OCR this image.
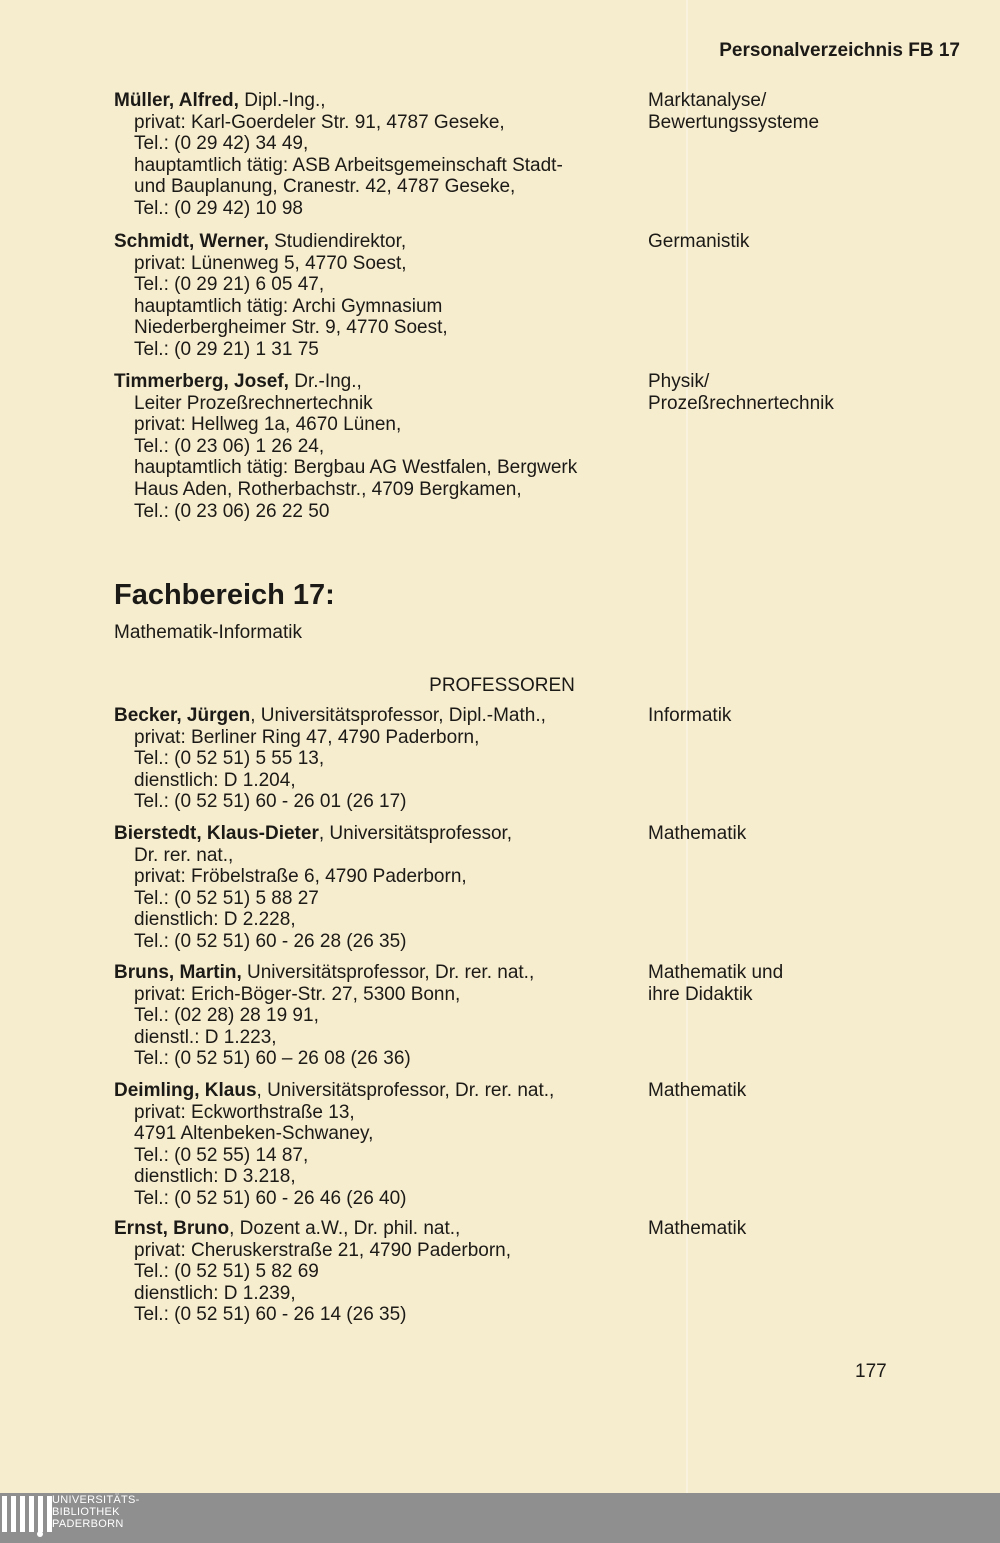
Personalverzeichnis FB 17
Müller, Alfred, Dipl.-Ing.,
privat: Karl-Goerdeler Str. 91, 4787 Geseke,
Tel.: (0 29 42) 34 49,
hauptamtlich tätig: ASB Arbeitsgemeinschaft Stadt-
und Bauplanung, Cranestr. 42, 4787 Geseke,
Tel.: (0 29 42) 10 98
Marktanalyse/
Bewertungssysteme
Schmidt, Werner, Studiendirektor,
privat: Lünenweg 5, 4770 Soest,
Tel.: (0 29 21) 6 05 47,
hauptamtlich tätig: Archi Gymnasium
Niederbergheimer Str. 9, 4770 Soest,
Tel.: (0 29 21) 1 31 75
Germanistik
Timmerberg, Josef, Dr.-Ing.,
Leiter Prozeßrechnertechnik
privat: Hellweg 1a, 4670 Lünen,
Tel.: (0 23 06) 1 26 24,
hauptamtlich tätig: Bergbau AG Westfalen, Bergwerk
Haus Aden, Rotherbachstr., 4709 Bergkamen,
Tel.: (0 23 06) 26 22 50
Physik/
Prozeßrechnertechnik
Fachbereich 17:
Mathematik-Informatik
PROFESSOREN
Becker, Jürgen, Universitätsprofessor, Dipl.-Math.,
privat: Berliner Ring 47, 4790 Paderborn,
Tel.: (0 52 51) 5 55 13,
dienstlich: D 1.204,
Tel.: (0 52 51) 60 - 26 01 (26 17)
Informatik
Bierstedt, Klaus-Dieter, Universitätsprofessor,
Dr. rer. nat.,
privat: Fröbelstraße 6, 4790 Paderborn,
Tel.: (0 52 51) 5 88 27
dienstlich: D 2.228,
Tel.: (0 52 51) 60 - 26 28 (26 35)
Mathematik
Bruns, Martin, Universitätsprofessor, Dr. rer. nat.,
privat: Erich-Böger-Str. 27, 5300 Bonn,
Tel.: (02 28) 28 19 91,
dienstl.: D 1.223,
Tel.: (0 52 51) 60 – 26 08 (26 36)
Mathematik und
ihre Didaktik
Deimling, Klaus, Universitätsprofessor, Dr. rer. nat.,
privat: Eckworthstraße 13,
4791 Altenbeken-Schwaney,
Tel.: (0 52 55) 14 87,
dienstlich: D 3.218,
Tel.: (0 52 51) 60 - 26 46 (26 40)
Mathematik
Ernst, Bruno, Dozent a.W., Dr. phil. nat.,
privat: Cheruskerstraße 21, 4790 Paderborn,
Tel.: (0 52 51) 5 82 69
dienstlich: D 1.239,
Tel.: (0 52 51) 60 - 26 14 (26 35)
Mathematik
177
UNIVERSITÄTS-
BIBLIOTHEK
PADERBORN
